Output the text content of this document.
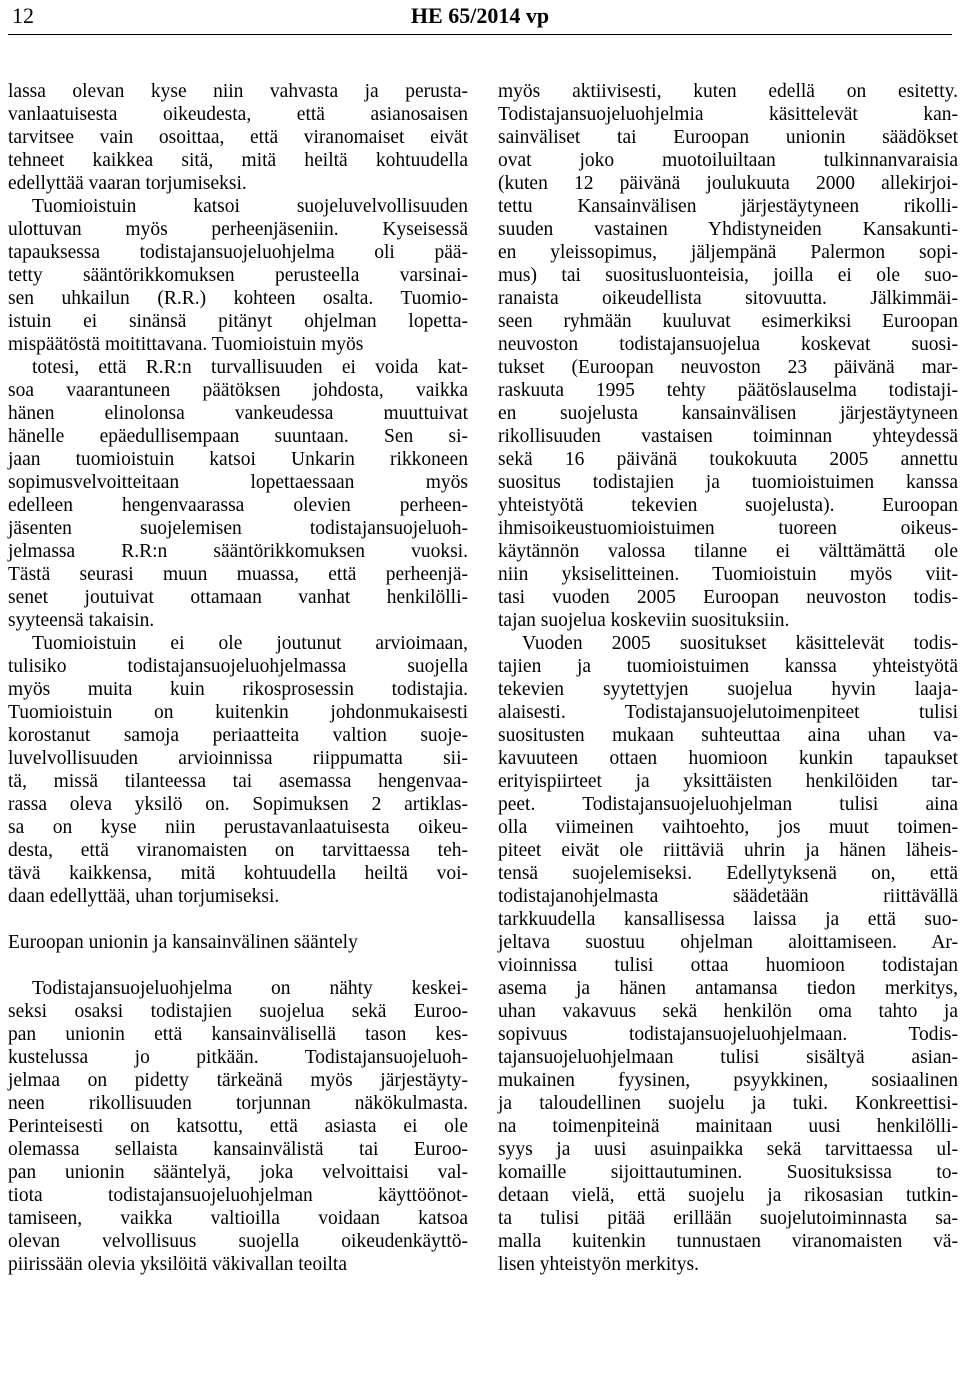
12	HE 65/2014 vp
lassa olevan kyse niin vahvasta ja perusta-
vanlaatuisesta oikeudesta, että asianosaisen
tarvitsee vain osoittaa, että viranomaiset eivät
tehneet kaikkea sitä, mitä heiltä kohtuudella
edellyttää vaaran torjumiseksi.
Tuomioistuin katsoi suojeluvelvollisuuden
ulottuvan myös perheenjäseniin. Kyseisessä
tapauksessa todistajansuojeluohjelma oli pää-
tetty sääntörikkomuksen perusteella varsinai-
sen uhkailun (R.R.) kohteen osalta. Tuomio-
istuin ei sinänsä pitänyt ohjelman lopetta-
mispäätöstä moitittavana. Tuomioistuin myös
totesi, että R.R:n turvallisuuden ei voida kat-
soa vaarantuneen päätöksen johdosta, vaikka
hänen elinolonsa vankeudessa muuttuivat
hänelle epäedullisempaan suuntaan. Sen si-
jaan tuomioistuin katsoi Unkarin rikkoneen
sopimusvelvoitteitaan lopettaessaan myös
edelleen hengenvaarassa olevien perheen-
jäsenten suojelemisen todistajansuojeluoh-
jelmassa R.R:n sääntörikkomuksen vuoksi.
Tästä seurasi muun muassa, että perheenjä-
senet joutuivat ottamaan vanhat henkilölli-
syyteensä takaisin.
Tuomioistuin ei ole joutunut arvioimaan,
tulisiko todistajansuojeluohjelmassa suojella
myös muita kuin rikosprosessin todistajia.
Tuomioistuin on kuitenkin johdonmukaisesti
korostanut samoja periaatteita valtion suoje-
luvelvollisuuden arvioinnissa riippumatta sii-
tä, missä tilanteessa tai asemassa hengenvaa-
rassa oleva yksilö on. Sopimuksen 2 artiklas-
sa on kyse niin perustavanlaatuisesta oikeu-
desta, että viranomaisten on tarvittaessa teh-
tävä kaikkensa, mitä kohtuudella heiltä voi-
daan edellyttää, uhan torjumiseksi.
Euroopan unionin ja kansainvälinen sääntely
Todistajansuojeluohjelma on nähty keskei-
seksi osaksi todistajien suojelua sekä Euroo-
pan unionin että kansainvälisellä tason kes-
kustelussa jo pitkään. Todistajansuojeluoh-
jelmaa on pidetty tärkeänä myös järjestäyty-
neen rikollisuuden torjunnan näkökulmasta.
Perinteisesti on katsottu, että asiasta ei ole
olemassa sellaista kansainvälistä tai Euroo-
pan unionin sääntelyä, joka velvoittaisi val-
tiota todistajansuojeluohjelman käyttöönot-
tamiseen, vaikka valtioilla voidaan katsoa
olevan velvollisuus suojella oikeudenkäyttö-
piirissään olevia yksilöitä väkivallan teoilta
myös aktiivisesti, kuten edellä on esitetty.
Todistajansuojeluohjelmia käsittelevät kan-
sainväliset tai Euroopan unionin säädökset
ovat joko muotoiluiltaan tulkinnanvaraisia
(kuten 12 päivänä joulukuuta 2000 allekirjoi-
tettu Kansainvälisen järjestäytyneen rikolli-
suuden vastainen Yhdistyneiden Kansakunti-
en yleissopimus, jäljempänä Palermon sopi-
mus) tai suositusluonteisia, joilla ei ole suo-
ranaista oikeudellista sitovuutta. Jälkimmäi-
seen ryhmään kuuluvat esimerkiksi Euroopan
neuvoston todistajansuojelua koskevat suosi-
tukset (Euroopan neuvoston 23 päivänä mar-
raskuuta 1995 tehty päätöslauselma todistaji-
en suojelusta kansainvälisen järjestäytyneen
rikollisuuden vastaisen toiminnan yhteydessä
sekä 16 päivänä toukokuuta 2005 annettu
suositus todistajien ja tuomioistuimen kanssa
yhteistyötä tekevien suojelusta). Euroopan
ihmisoikeustuomioistuimen tuoreen oikeus-
käytännön valossa tilanne ei välttämättä ole
niin yksiselitteinen. Tuomioistuin myös viit-
tasi vuoden 2005 Euroopan neuvoston todis-
tajan suojelua koskeviin suosituksiin.
Vuoden 2005 suositukset käsittelevät todis-
tajien ja tuomioistuimen kanssa yhteistyötä
tekevien syytettyjen suojelua hyvin laaja-
alaisesti. Todistajansuojelutoimenpiteet tulisi
suositusten mukaan suhteuttaa aina uhan va-
kavuuteen ottaen huomioon kunkin tapaukset
erityispiirteet ja yksittäisten henkilöiden tar-
peet. Todistajansuojeluohjelman tulisi aina
olla viimeinen vaihtoehto, jos muut toimen-
piteet eivät ole riittäviä uhrin ja hänen läheis-
tensä suojelemiseksi. Edellytyksenä on, että
todistajanohjelmasta säädetään riittävällä
tarkkuudella kansallisessa laissa ja että suo-
jeltava suostuu ohjelman aloittamiseen. Ar-
vioinnissa tulisi ottaa huomioon todistajan
asema ja hänen antamansa tiedon merkitys,
uhan vakavuus sekä henkilön oma tahto ja
sopivuus todistajansuojeluohjelmaan. Todis-
tajansuojeluohjelmaan tulisi sisältyä asian-
mukainen fyysinen, psyykkinen, sosiaalinen
ja taloudellinen suojelu ja tuki. Konkreettisi-
na toimenpiteinä mainitaan uusi henkilölli-
syys ja uusi asuinpaikka sekä tarvittaessa ul-
komaille sijoittautuminen. Suosituksissa to-
detaan vielä, että suojelu ja rikosasian tutkin-
ta tulisi pitää erillään suojelutoiminnasta sa-
malla kuitenkin tunnustaen viranomaisten vä-
lisen yhteistyön merkitys.
